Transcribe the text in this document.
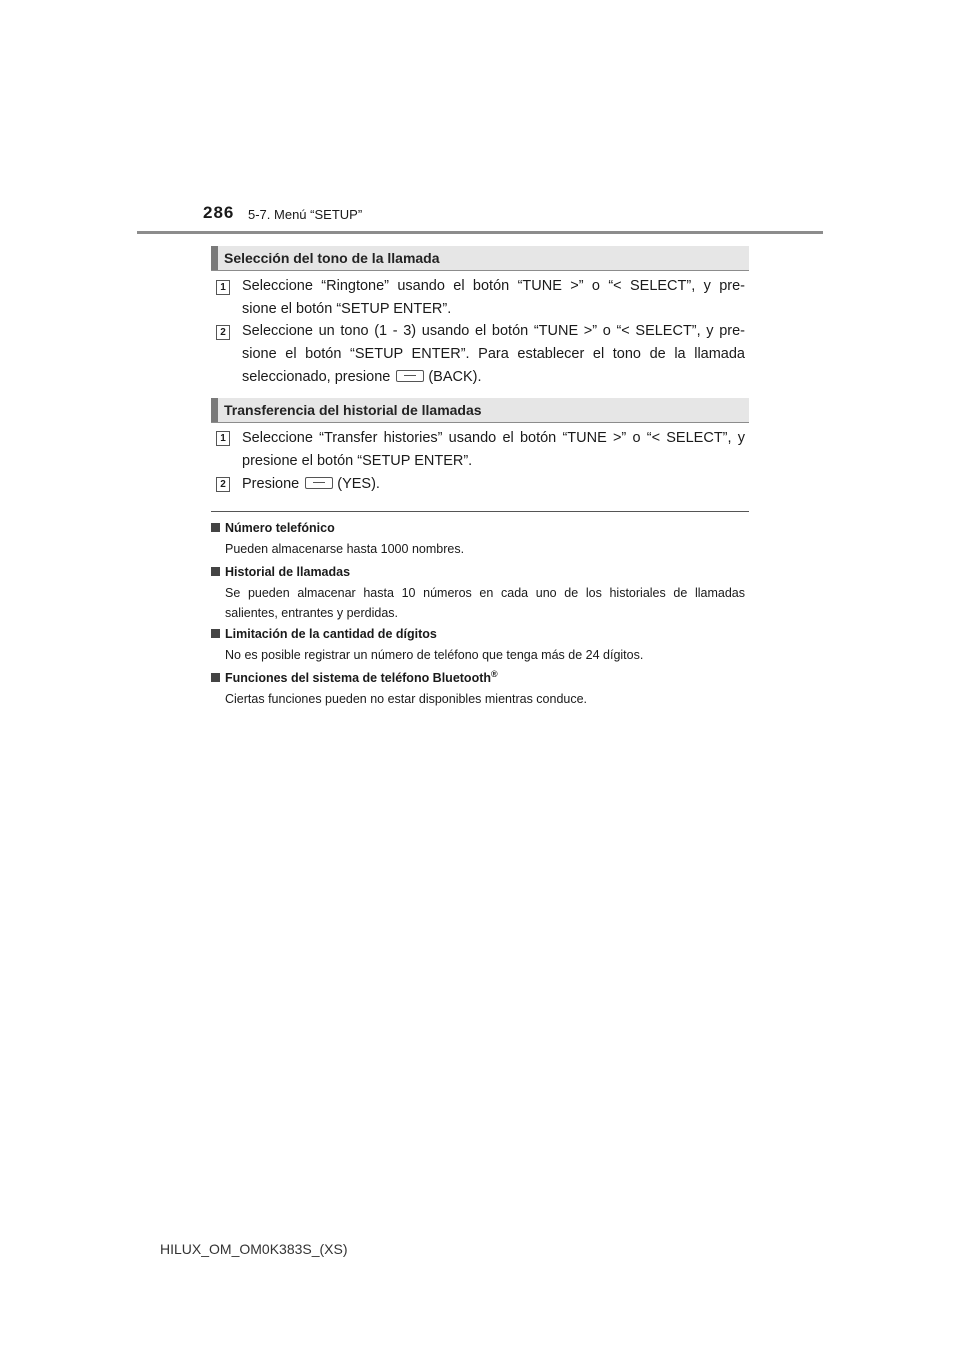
286 5-7. Menú “SETUP”
Selección del tono de la llamada
1 Seleccione “Ringtone” usando el botón “TUNE >” o “< SELECT”, y pre-
sione el botón “SETUP ENTER”.
2 Seleccione un tono (1 - 3) usando el botón “TUNE >” o “< SELECT”, y pre-
sione el botón “SETUP ENTER”. Para establecer el tono de la llamada
seleccionado, presione	(BACK).
Transferencia del historial de llamadas
1 Seleccione “Transfer histories” usando el botón “TUNE >” o “< SELECT”, y
presione el botón “SETUP ENTER”.
2 Presione	(YES).
Número telefónico
Pueden almacenarse hasta 1000 nombres.
Historial de llamadas
Se pueden almacenar hasta 10 números en cada uno de los historiales de llamadas salientes, entrantes y perdidas.
Limitación de la cantidad de dígitos
No es posible registrar un número de teléfono que tenga más de 24 dígitos.
Funciones del sistema de teléfono Bluetooth®
Ciertas funciones pueden no estar disponibles mientras conduce.
HILUX_OM_OM0K383S_(XS)
